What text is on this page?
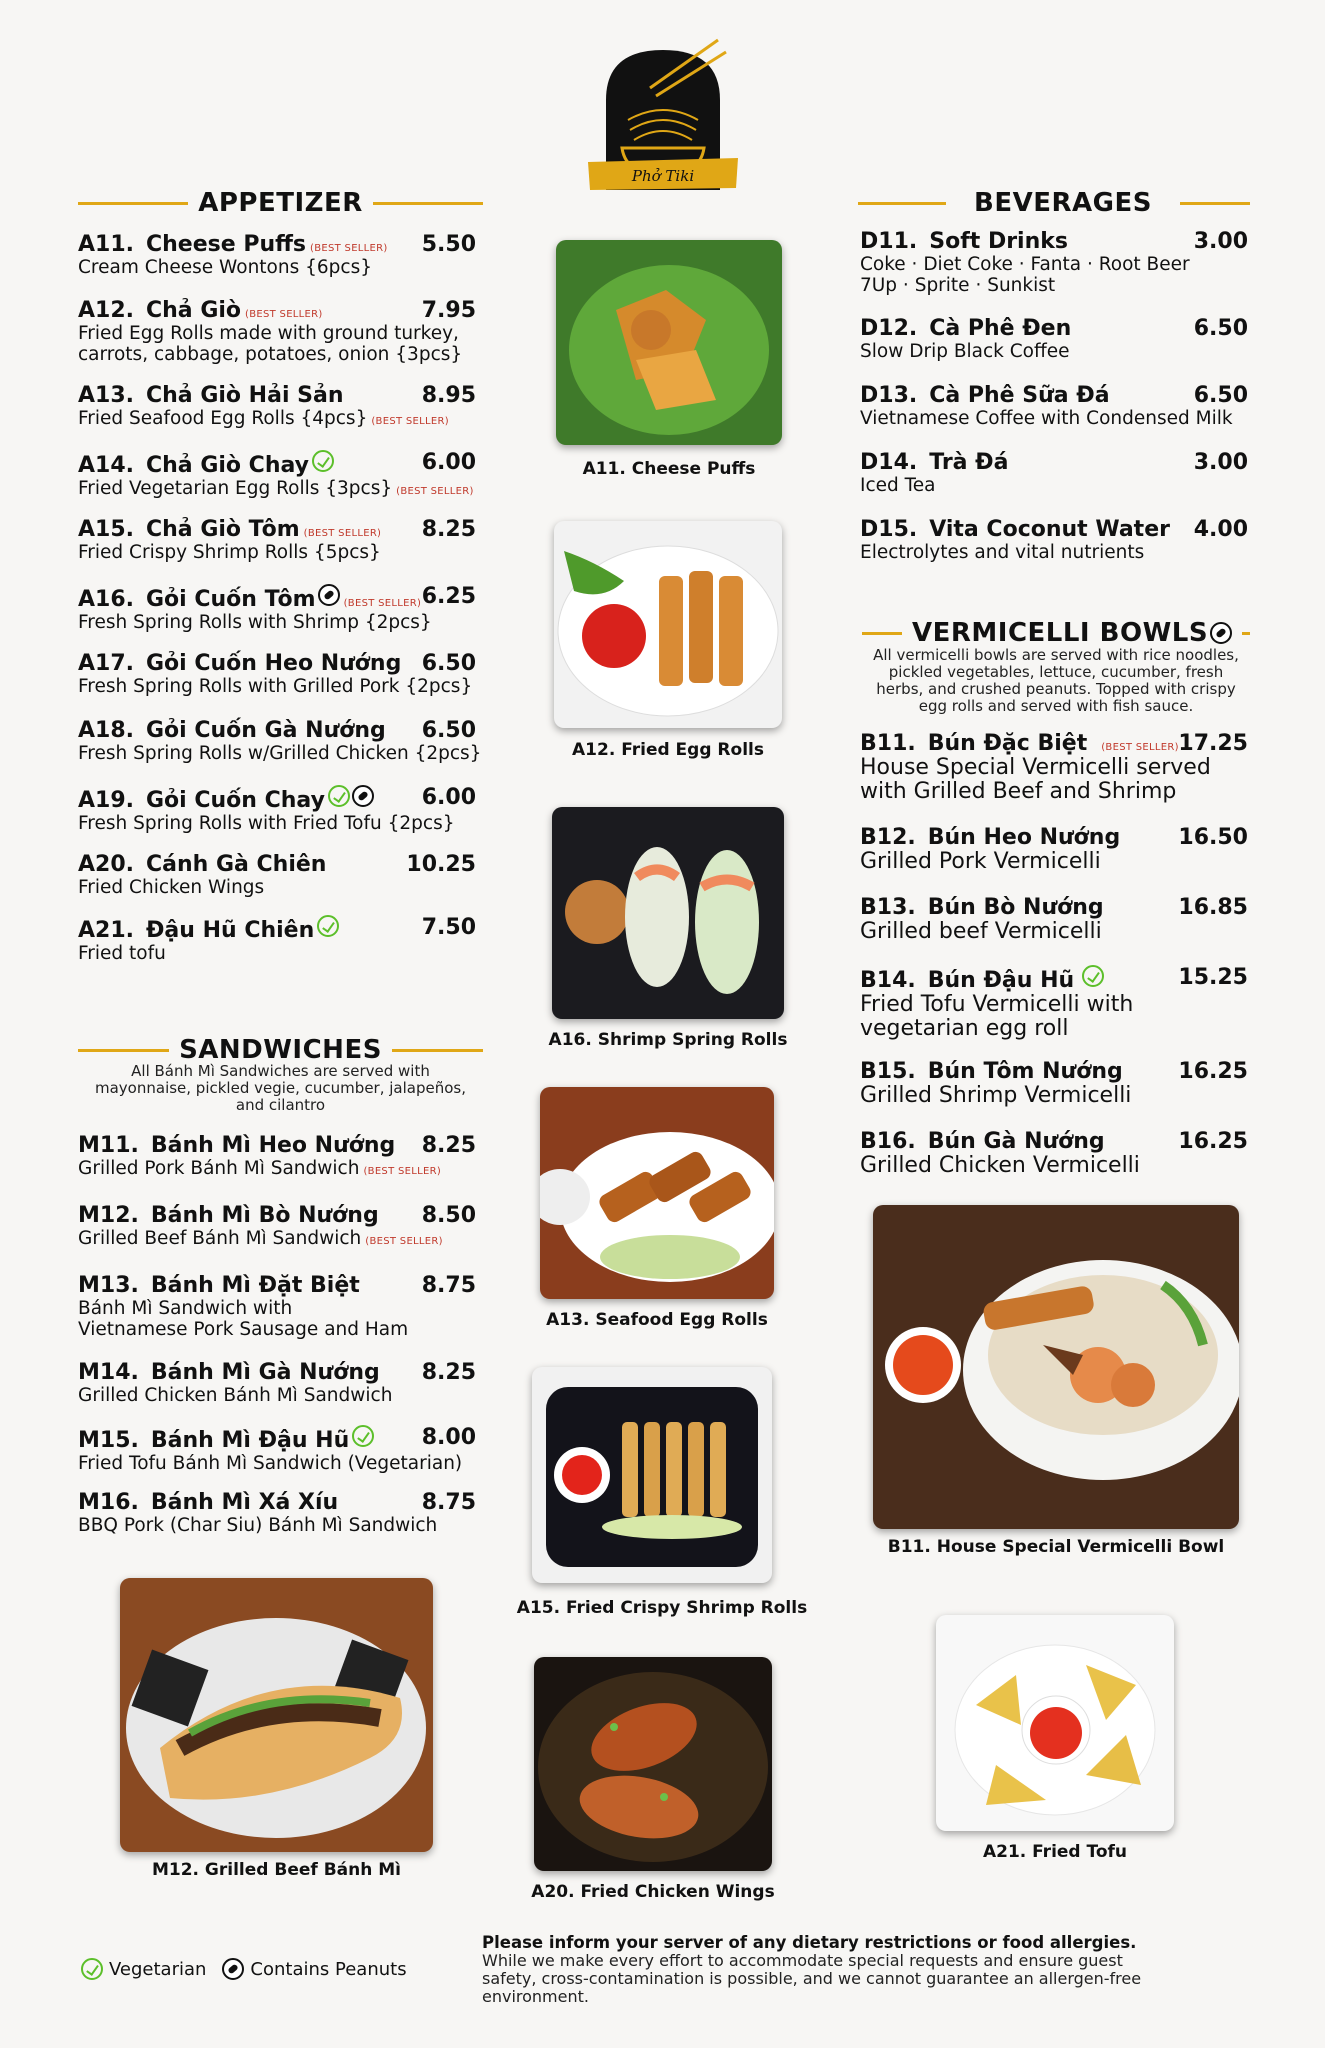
Phở Tiki
APPETIZER
A11. Cheese Puffs (BEST SELLER) 5.50
Cream Cheese Wontons {6pcs}
A12. Chả Giò (BEST SELLER)	7.95
Fried Egg Rolls made with ground turkey,
carrots, cabbage, potatoes, onion {3pcs}
A13. Chả Giò Hải Sản	8.95
Fried Seafood Egg Rolls {4pcs} (BEST SELLER)
A14. Chả Giò Chay	6.00
Fried Vegetarian Egg Rolls {3pcs} (BEST SELLER)
A15. Chả Giò Tôm (BEST SELLER) 8.25
Fried Crispy Shrimp Rolls {5pcs}
A16. Gỏi Cuốn Tôm	(BEST SELLER) 6.25
Fresh Spring Rolls with Shrimp {2pcs}
A17. Gỏi Cuốn Heo Nướng 6.50
Fresh Spring Rolls with Grilled Pork {2pcs}
A18. Gỏi Cuốn Gà Nướng 6.50
Fresh Spring Rolls w/Grilled Chicken {2pcs}
A19. Gỏi Cuốn Chay	6.00
Fresh Spring Rolls with Fried Tofu {2pcs}
A20. Cánh Gà Chiên	10.25
Fried Chicken Wings
A21. Đậu Hũ Chiên	7.50
Fried tofu
SANDWICHES
All Bánh Mì Sandwiches are served with
mayonnaise, pickled vegie, cucumber, jalapeños,
and cilantro
M11. Bánh Mì Heo Nướng 8.25
Grilled Pork Bánh Mì Sandwich (BEST SELLER)
M12. Bánh Mì Bò Nướng 8.50
Grilled Beef Bánh Mì Sandwich (BEST SELLER)
M13. Bánh Mì Đặt Biệt	8.75
Bánh Mì Sandwich with
Vietnamese Pork Sausage and Ham
M14. Bánh Mì Gà Nướng 8.25
Grilled Chicken Bánh Mì Sandwich
M15. Bánh Mì Đậu Hũ	8.00
Fried Tofu Bánh Mì Sandwich (Vegetarian)
M16. Bánh Mì Xá Xíu	8.75
BBQ Pork (Char Siu) Bánh Mì Sandwich
BEVERAGES
D11. Soft Drinks	3.00
Coke · Diet Coke · Fanta · Root Beer
7Up · Sprite · Sunkist
D12. Cà Phê Đen	6.50
Slow Drip Black Coffee
D13. Cà Phê Sữa Đá	6.50
Vietnamese Coffee with Condensed Milk
D14. Trà Đá	3.00
Iced Tea
D15. Vita Coconut Water 4.00
Electrolytes and vital nutrients
VERMICELLI BOWLS
All vermicelli bowls are served with rice noodles,
pickled vegetables, lettuce, cucumber, fresh
herbs, and crushed peanuts. Topped with crispy
egg rolls and served with fish sauce.
B11. Bún Đặc Biệt (BEST SELLER) 17.25
House Special Vermicelli served
with Grilled Beef and Shrimp
B12. Bún Heo Nướng	16.50
Grilled Pork Vermicelli
B13. Bún Bò Nướng	16.85
Grilled beef Vermicelli
B14. Bún Đậu Hũ	15.25
Fried Tofu Vermicelli with
vegetarian egg roll
B15. Bún Tôm Nướng	16.25
Grilled Shrimp Vermicelli
B16. Bún Gà Nướng	16.25
Grilled Chicken Vermicelli
A11. Cheese Puffs
A12. Fried Egg Rolls
A16. Shrimp Spring Rolls
A13. Seafood Egg Rolls
A15. Fried Crispy Shrimp Rolls
A20. Fried Chicken Wings
M12. Grilled Beef Bánh Mì
B11. House Special Vermicelli Bowl
A21. Fried Tofu
Vegetarian Contains Peanuts
Please inform your server of any dietary restrictions or food allergies.
While we make every effort to accommodate special requests and ensure guest
safety, cross-contamination is possible, and we cannot guarantee an allergen-free
environment.
